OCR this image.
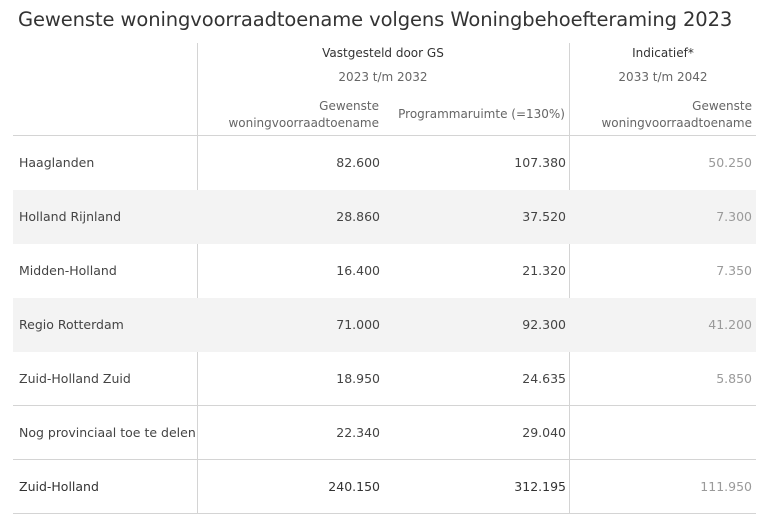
Gewenste woningvoorraadtoename volgens Woningbehoefteraming 2023
Vastgesteld door GS
2023 t/m 2032
Indicatief*
2033 t/m 2042
Gewenste
woningvoorraadtoename
Programmaruimte (=130%)
Gewenste
woningvoorraadtoename
Haaglanden	82.600	107.380	50.250
Holland Rijnland	28.860	37.520	7.300
Midden-Holland	16.400	21.320	7.350
Regio Rotterdam	71.000	92.300	41.200
Zuid-Holland Zuid	18.950	24.635	5.850
Nog provinciaal toe te delen	22.340	29.040
Zuid-Holland	240.150	312.195	111.950
